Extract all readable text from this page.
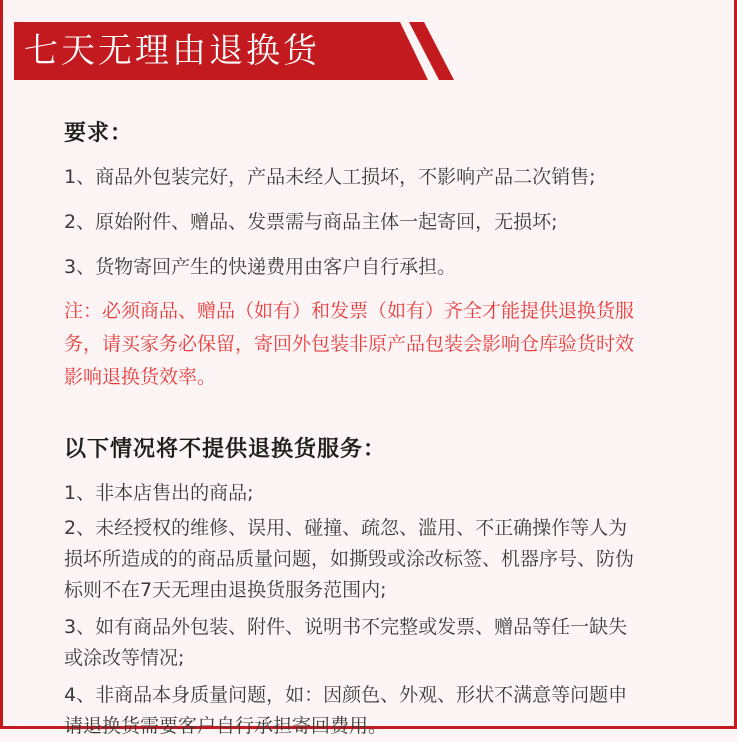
七天无理由退换货

要求：

1、商品外包装完好，产品未经人工损坏，不影响产品二次销售;

2、原始附件、赠品、发票需与商品主体一起寄回，无损坏;

3、货物寄回产生的快递费用由客户自行承担。

注：必须商品、赠品（如有）和发票（如有）齐全才能提供退换货服

务，请买家务必保留，寄回外包装非原产品包装会影响仓库验货时效

影响退换货效率。

以下情况将不提供退换货服务：

1、非本店售出的商品;

2、未经授权的维修、误用、碰撞、疏忽、滥用、不正确操作等人为

损坏所造成的的商品质量问题，如撕毁或涂改标签、机器序号、防伪

标则不在7天无理由退换货服务范围内;

3、如有商品外包装、附件、说明书不完整或发票、赠品等任一缺失

或涂改等情况;

4、非商品本身质量问题，如：因颜色、外观、形状不满意等问题申

请退换货需要客户自行承担寄回费用。
